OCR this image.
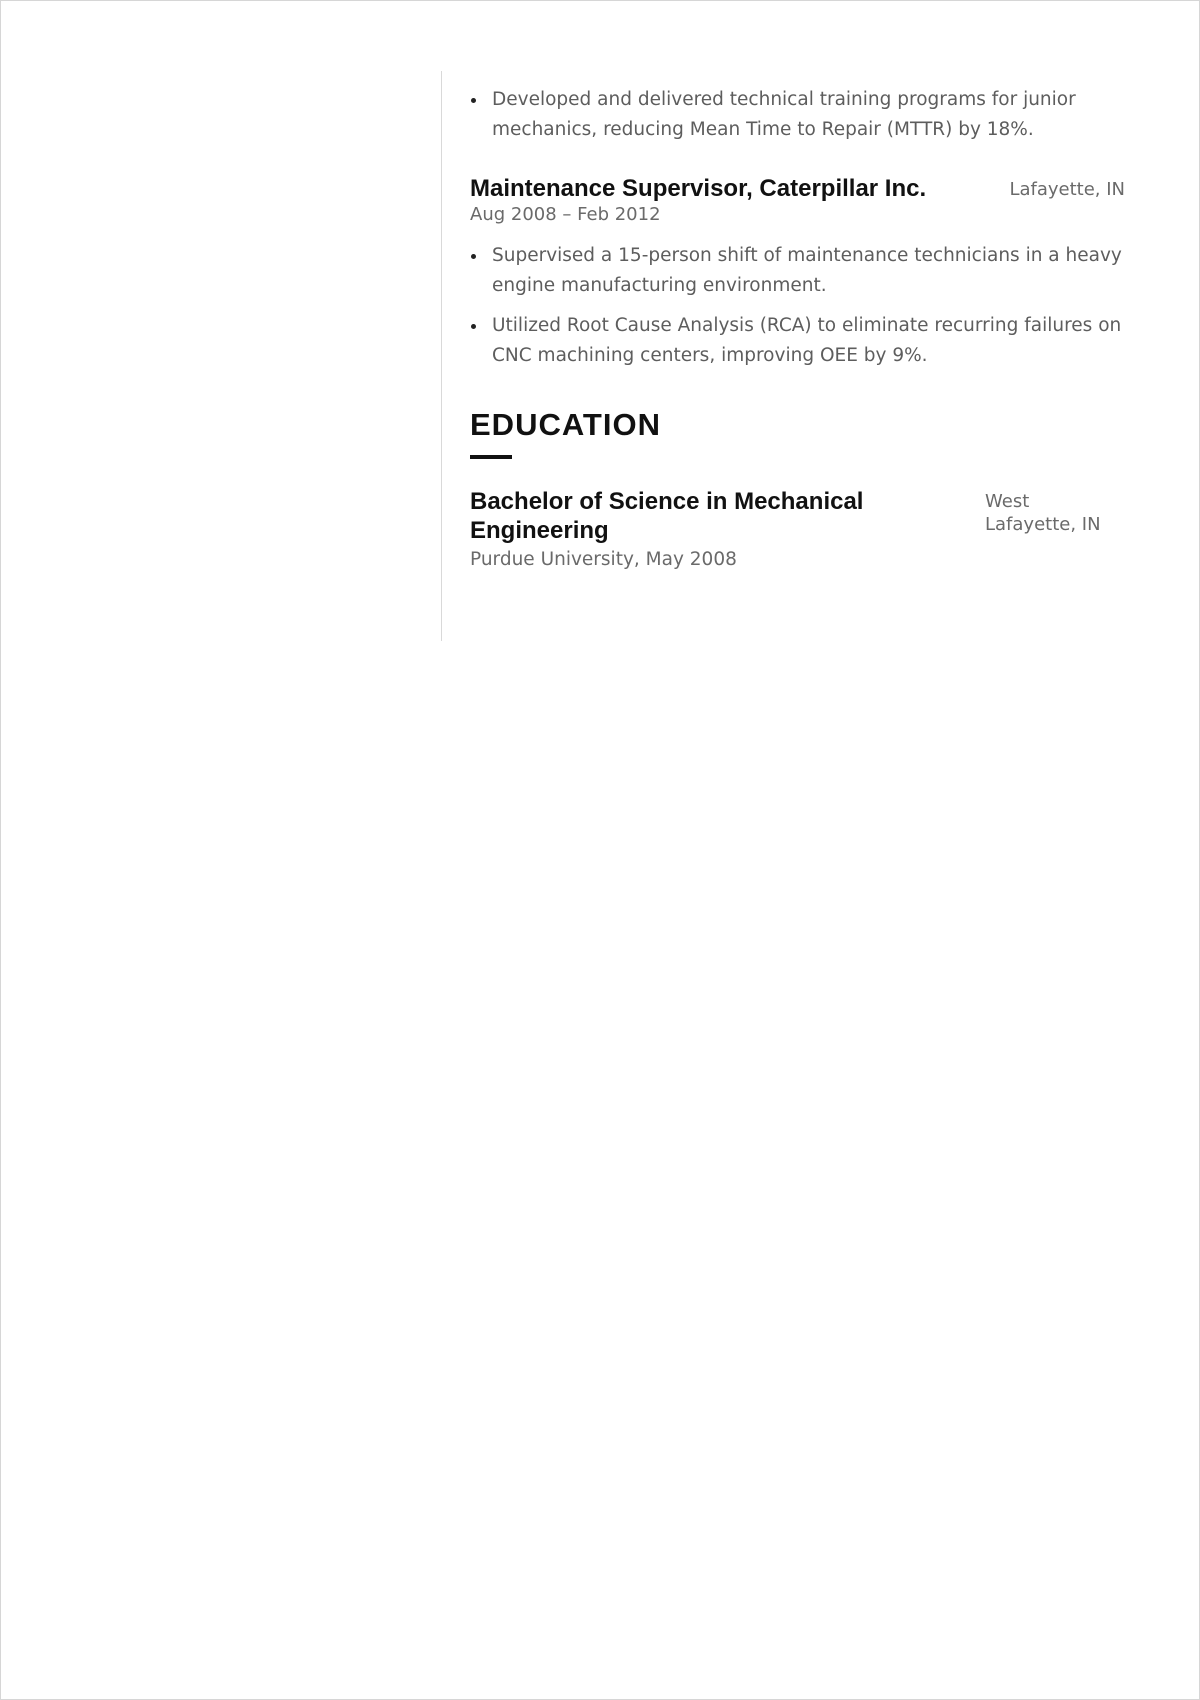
Developed and delivered technical training programs for junior mechanics, reducing Mean Time to Repair (MTTR) by 18%.
Maintenance Supervisor, Caterpillar Inc.	Lafayette, IN
Aug 2008 – Feb 2012
Supervised a 15-person shift of maintenance technicians in a heavy engine manufacturing environment.
Utilized Root Cause Analysis (RCA) to eliminate recurring failures on CNC machining centers, improving OEE by 9%.
EDUCATION
Bachelor of Science in Mechanical Engineering
West Lafayette, IN
Purdue University, May 2008
